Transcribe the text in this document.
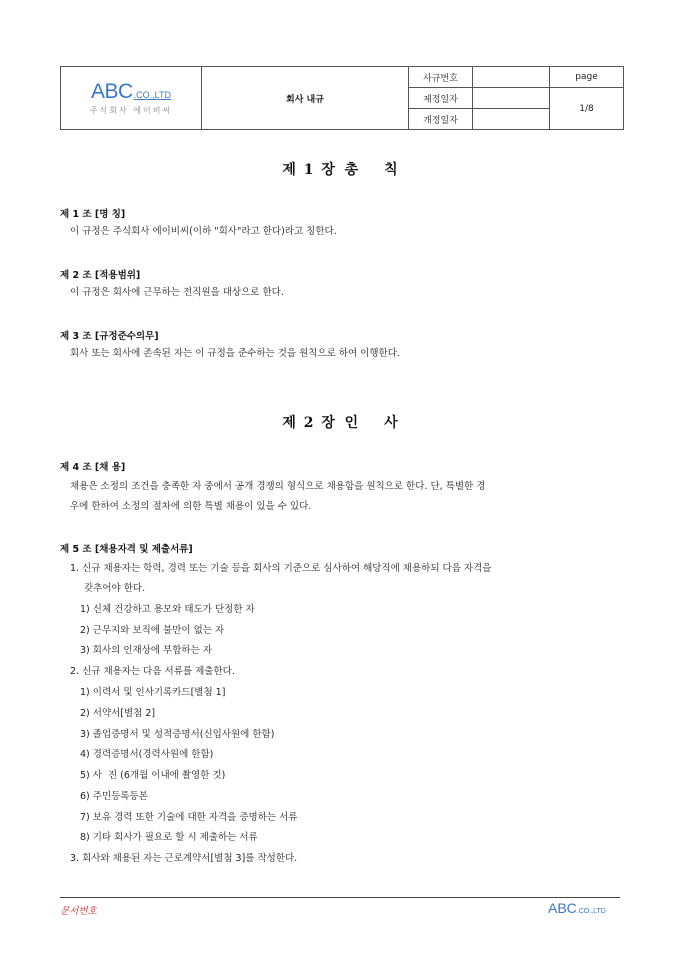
ABC.CO.,LTD
주식회사 에이비씨	회사 내규	사규번호		page
		제정일자		1/8
		개정일자		
제 1 장 총칙
제 1 조 [명 칭]
이 규정은 주식회사 에이비씨(이하 "회사"라고 한다)라고 칭한다.
제 2 조 [적용범위]
이 규정은 회사에 근무하는 전직원을 대상으로 한다.
제 3 조 [규정준수의무]
회사 또는 회사에 존속된 자는 이 규정을 준수하는 것을 원칙으로 하여 이행한다.
제 2 장 인사
제 4 조 [채 용]
채용은 소정의 조건을 충족한 자 중에서 공개 경쟁의 형식으로 채용함을 원칙으로 한다. 단, 특별한 경
우에 한하여 소정의 절차에 의한 특별 채용이 있을 수 있다.
제 5 조 [채용자격 및 제출서류]
1. 신규 채용자는 학력, 경력 또는 기술 등을 회사의 기준으로 심사하여 해당직에 채용하되 다음 자격을
갖추어야 한다.
1) 신체 건강하고 용모와 태도가 단정한 자
2) 근무지와 보직에 불만이 없는 자
3) 회사의 인재상에 부합하는 자
2. 신규 채용자는 다음 서류를 제출한다.
1) 이력서 및 인사기록카드[별첨 1]
2) 서약서[별첨 2]
3) 졸업증명서 및 성적증명서(신입사원에 한함)
4) 경력증명서(경력사원에 한함)
5) 사  진 (6개월 이내에 촬영한 것)
6) 주민등록등본
7) 보유 경력 또한 기술에 대한 자격을 증명하는 서류
8) 기타 회사가 필요로 할 시 제출하는 서류
3. 회사와 채용된 자는 근로계약서[별첨 3]를 작성한다.
문서번호	ABC.CO.,LTD
